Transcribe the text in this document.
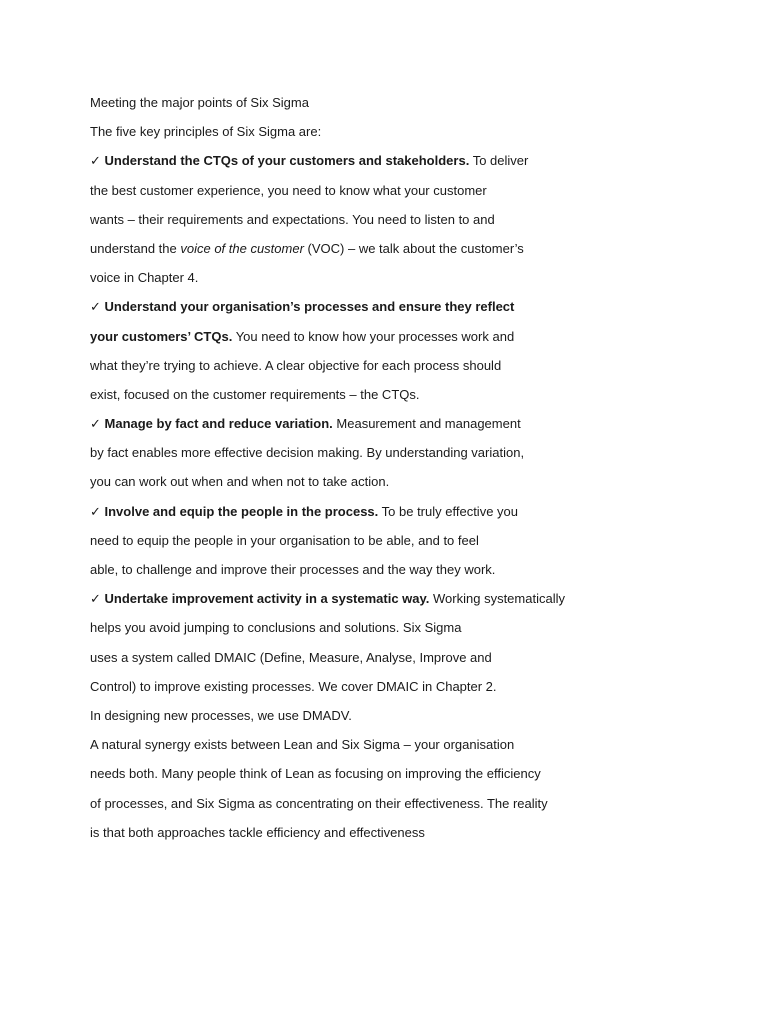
Meeting the major points of Six Sigma
The five key principles of Six Sigma are:
✓ Understand the CTQs of your customers and stakeholders. To deliver
the best customer experience, you need to know what your customer
wants – their requirements and expectations. You need to listen to and
understand the voice of the customer (VOC) – we talk about the customer’s
voice in Chapter 4.
✓ Understand your organisation’s processes and ensure they reflect
your customers’ CTQs. You need to know how your processes work and
what they’re trying to achieve. A clear objective for each process should
exist, focused on the customer requirements – the CTQs.
✓ Manage by fact and reduce variation. Measurement and management
by fact enables more effective decision making. By understanding variation,
you can work out when and when not to take action.
✓ Involve and equip the people in the process. To be truly effective you
need to equip the people in your organisation to be able, and to feel
able, to challenge and improve their processes and the way they work.
✓ Undertake improvement activity in a systematic way. Working systematically
helps you avoid jumping to conclusions and solutions. Six Sigma
uses a system called DMAIC (Define, Measure, Analyse, Improve and
Control) to improve existing processes. We cover DMAIC in Chapter 2.
In designing new processes, we use DMADV.
A natural synergy exists between Lean and Six Sigma – your organisation
needs both. Many people think of Lean as focusing on improving the efficiency
of processes, and Six Sigma as concentrating on their effectiveness. The reality
is that both approaches tackle efficiency and effectiveness
